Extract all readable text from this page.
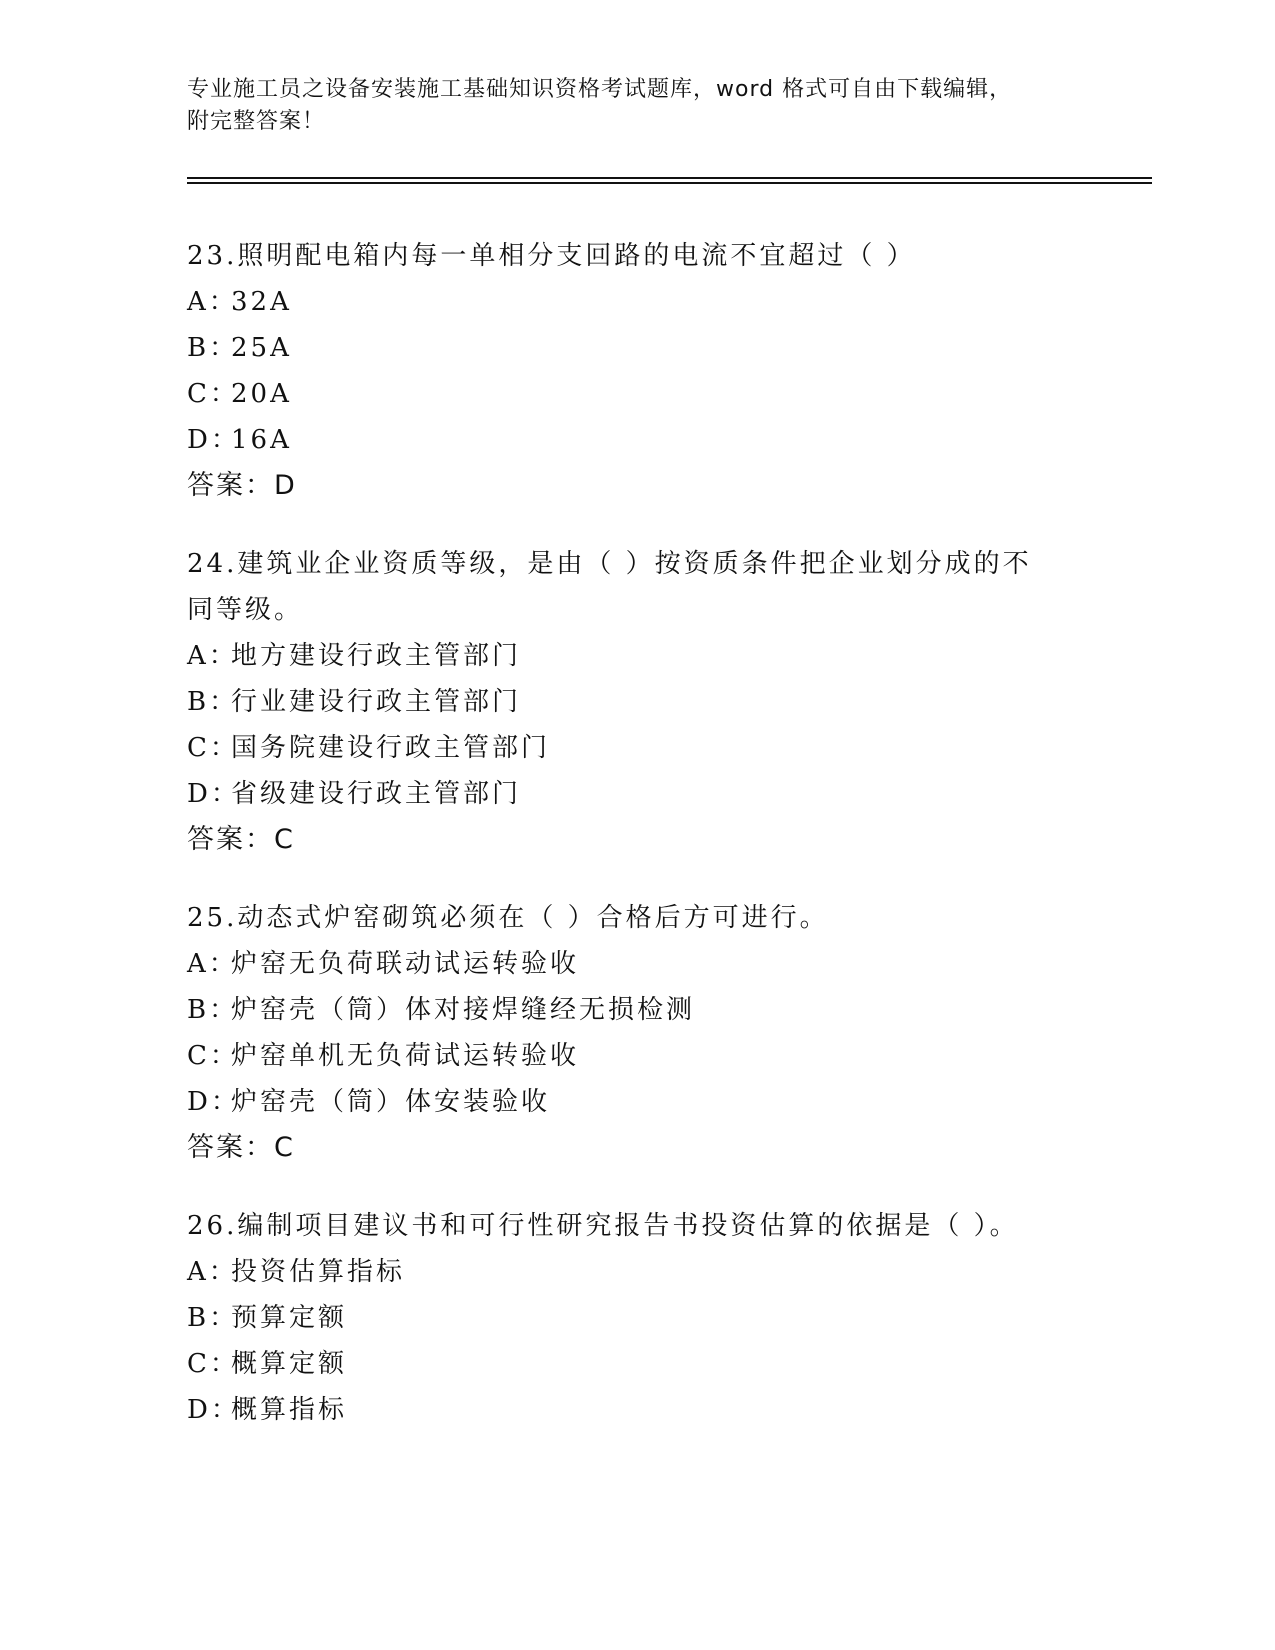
专业施工员之设备安装施工基础知识资格考试题库，word 格式可自由下载编辑，
附完整答案！

23.照明配电箱内每一单相分支回路的电流不宜超过（ ）

A：32A

B：25A

C：20A

D：16A

答案：D

24.建筑业企业资质等级，是由（ ）按资质条件把企业划分成的不同等级。

A：地方建设行政主管部门

B：行业建设行政主管部门

C：国务院建设行政主管部门

D：省级建设行政主管部门

答案：C

25.动态式炉窑砌筑必须在（ ）合格后方可进行。

A：炉窑无负荷联动试运转验收

B：炉窑壳（筒）体对接焊缝经无损检测

C：炉窑单机无负荷试运转验收

D：炉窑壳（筒）体安装验收

答案：C

26.编制项目建议书和可行性研究报告书投资估算的依据是（ ）。

A：投资估算指标

B：预算定额

C：概算定额

D：概算指标
